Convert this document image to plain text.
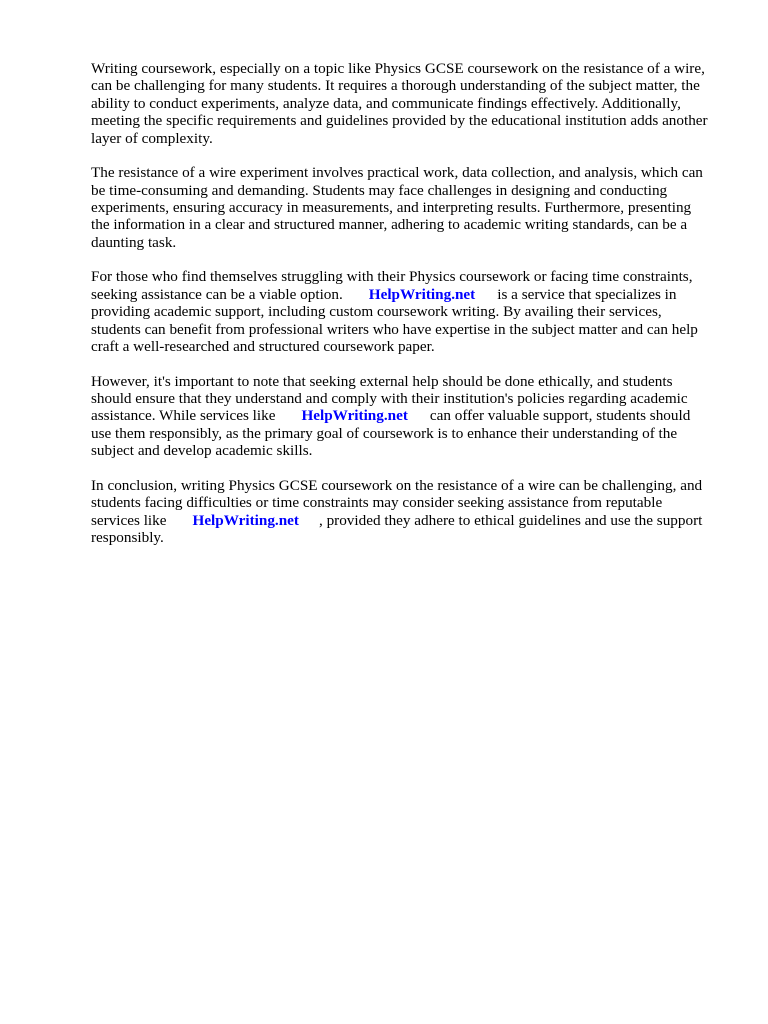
Writing coursework, especially on a topic like Physics GCSE coursework on the resistance of a wire,
can be challenging for many students. It requires a thorough understanding of the subject matter, the
ability to conduct experiments, analyze data, and communicate findings effectively. Additionally,
meeting the specific requirements and guidelines provided by the educational institution adds another
layer of complexity.

The resistance of a wire experiment involves practical work, data collection, and analysis, which can
be time-consuming and demanding. Students may face challenges in designing and conducting
experiments, ensuring accuracy in measurements, and interpreting results. Furthermore, presenting
the information in a clear and structured manner, adhering to academic writing standards, can be a
daunting task.

For those who find themselves struggling with their Physics coursework or facing time constraints,
seeking assistance can be a viable option. HelpWriting.net is a service that specializes in
providing academic support, including custom coursework writing. By availing their services,
students can benefit from professional writers who have expertise in the subject matter and can help
craft a well-researched and structured coursework paper.

However, it's important to note that seeking external help should be done ethically, and students
should ensure that they understand and comply with their institution's policies regarding academic
assistance. While services like HelpWriting.net can offer valuable support, students should
use them responsibly, as the primary goal of coursework is to enhance their understanding of the
subject and develop academic skills.

In conclusion, writing Physics GCSE coursework on the resistance of a wire can be challenging, and
students facing difficulties or time constraints may consider seeking assistance from reputable
services like HelpWriting.net , provided they adhere to ethical guidelines and use the support
responsibly.
